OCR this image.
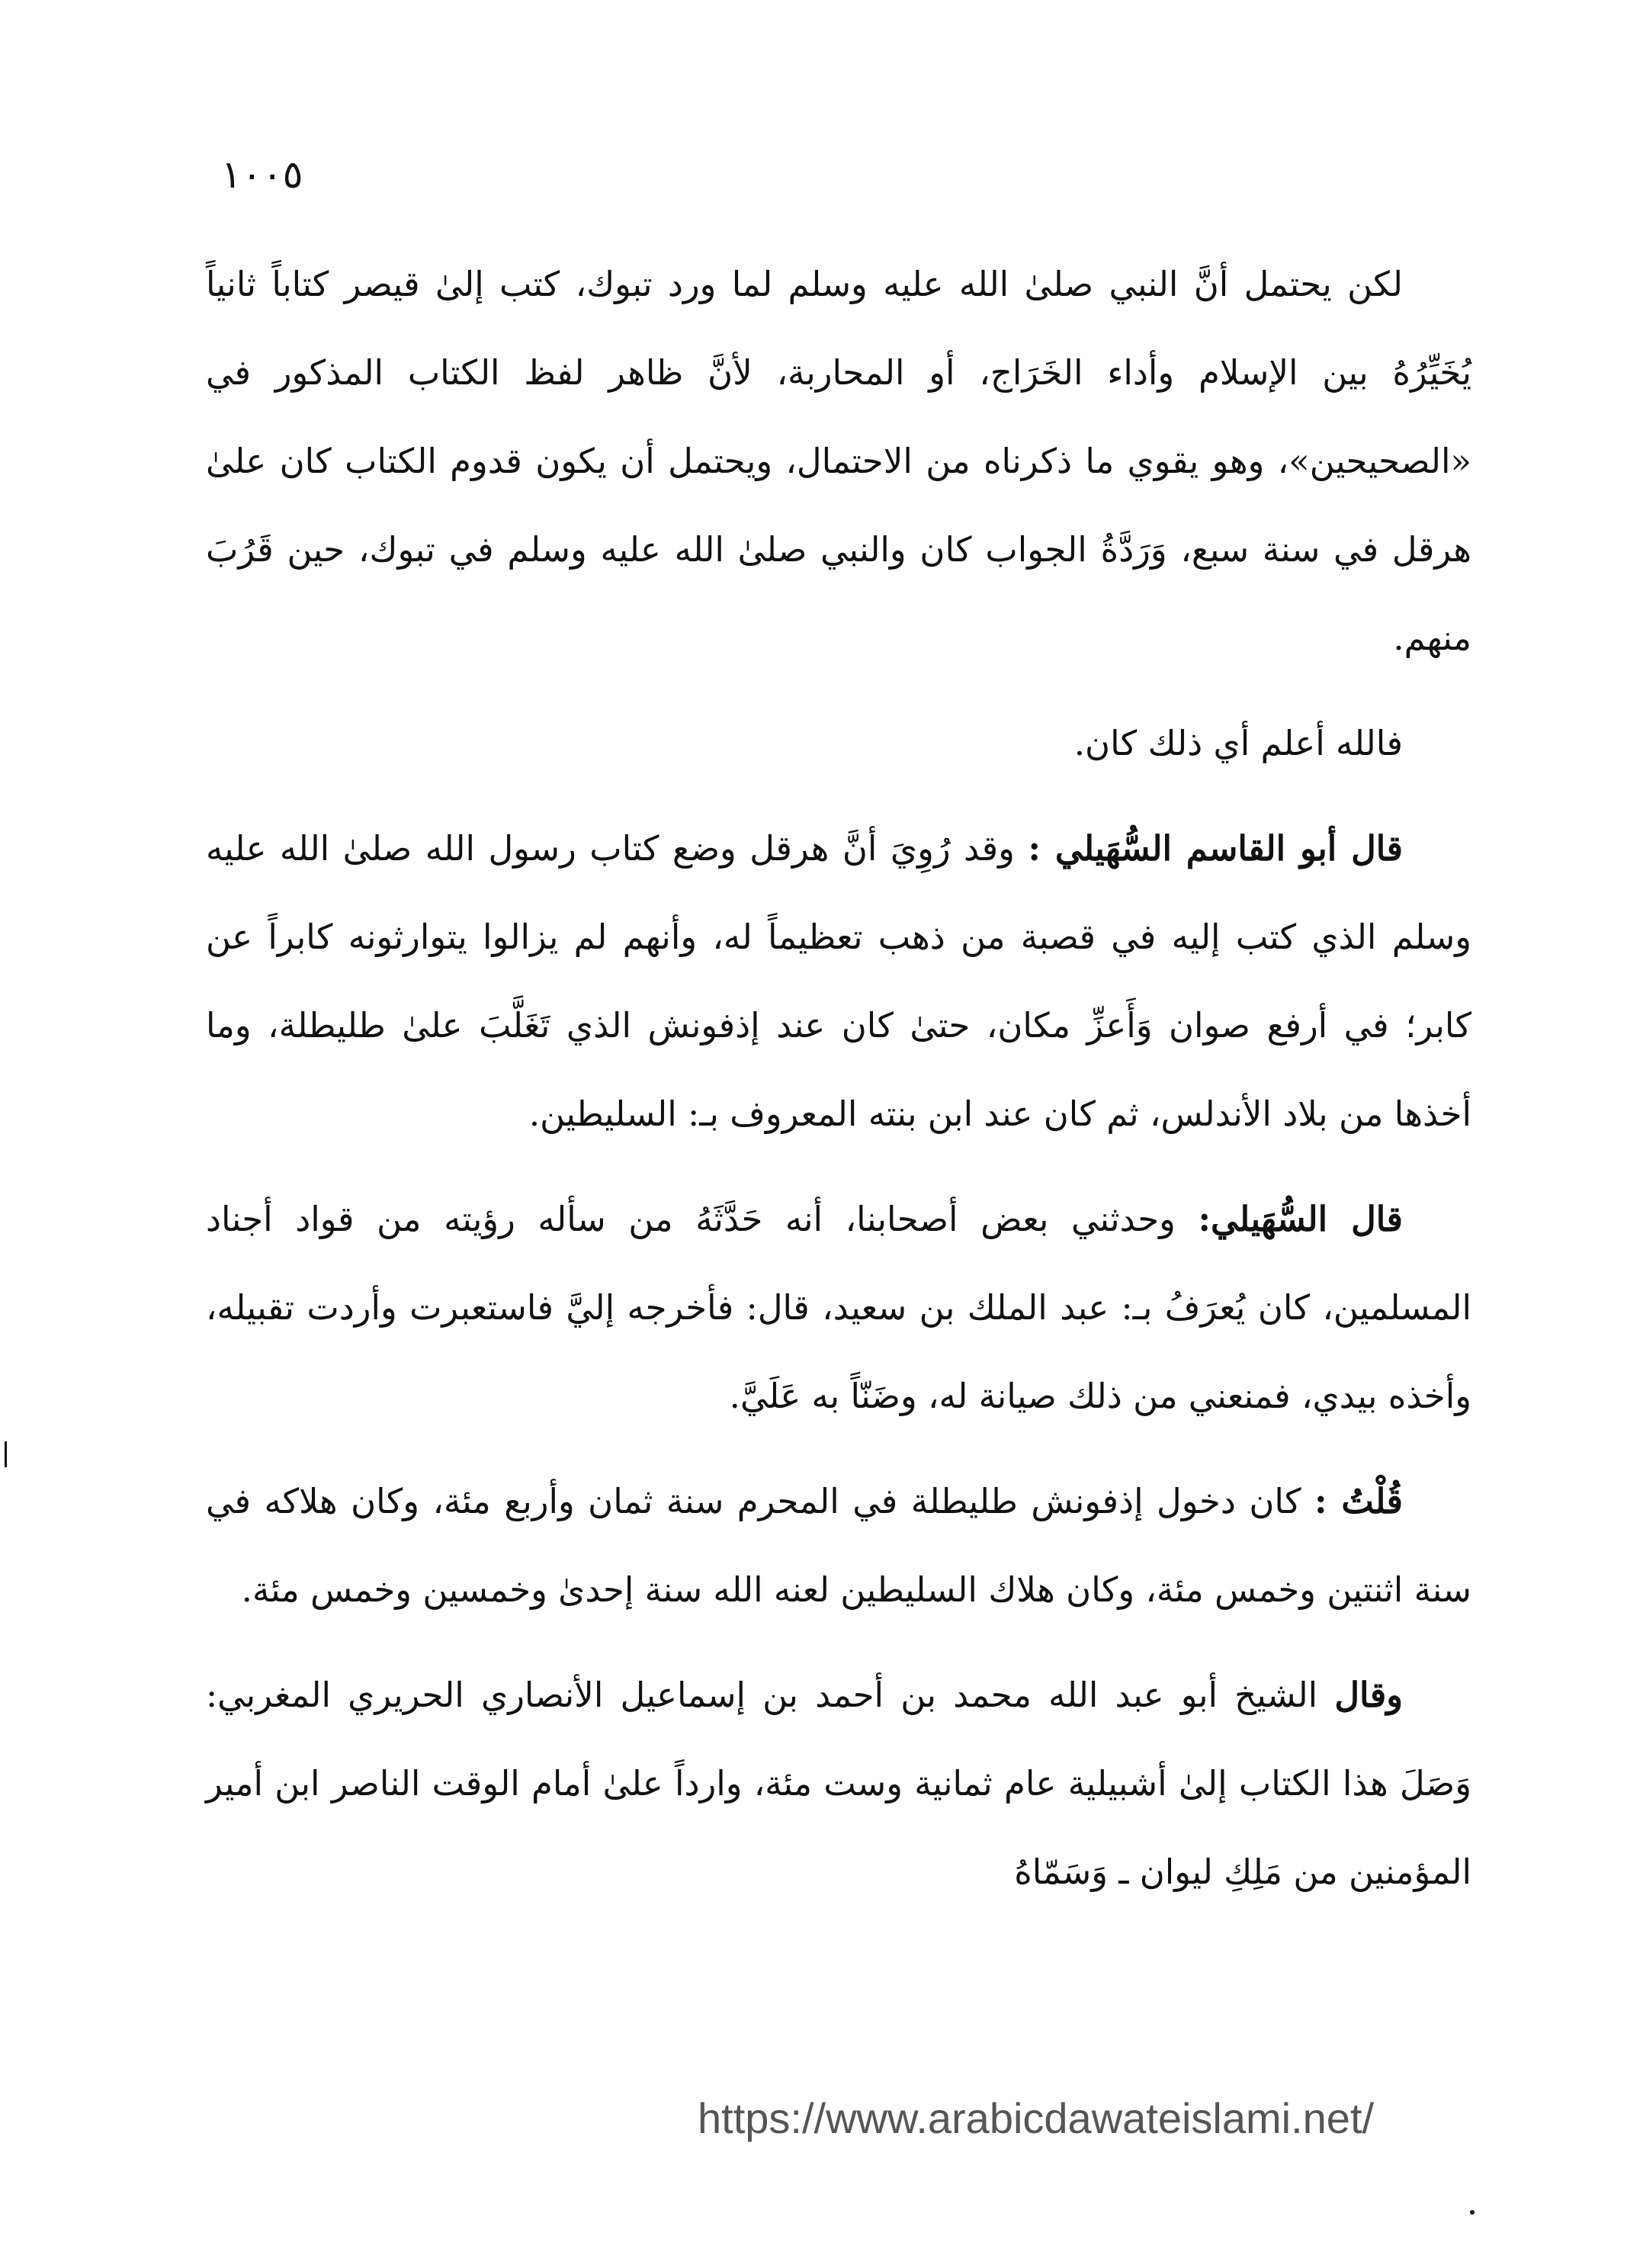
١٠٠٥

لكن يحتمل أنَّ النبي صلىٰ الله عليه وسلم لما ورد تبوك، كتب إلىٰ قيصر كتاباً ثانياً يُخَيِّرُهُ بين الإسلام وأداء الخَرَاج، أو المحاربة، لأنَّ ظاهر لفظ الكتاب المذكور في «الصحيحين»، وهو يقوي ما ذكرناه من الاحتمال، ويحتمل أن يكون قدوم الكتاب كان علىٰ هرقل في سنة سبع، وَرَدَّةُ الجواب كان والنبي صلىٰ الله عليه وسلم في تبوك، حين قَرُبَ منهم.

فالله أعلم أي ذلك كان.

قال أبو القاسم السُّهَيلي : وقد رُوِيَ أنَّ هرقل وضع كتاب رسول الله صلىٰ الله عليه وسلم الذي كتب إليه في قصبة من ذهب تعظيماً له، وأنهم لم يزالوا يتوارثونه كابراً عن كابر؛ في أرفع صوان وَأَعزِّ مكان، حتىٰ كان عند إذفونش الذي تَغَلَّبَ علىٰ طليطلة، وما أخذها من بلاد الأندلس، ثم كان عند ابن بنته المعروف بـ: السليطين.

قال السُّهَيلي: وحدثني بعض أصحابنا، أنه حَدَّثَهُ من سأله رؤيته من قواد أجناد المسلمين، كان يُعرَفُ بـ: عبد الملك بن سعيد، قال: فأخرجه إليَّ فاستعبرت وأردت تقبيله، وأخذه بيدي، فمنعني من ذلك صيانة له، وضَنّاً به عَلَيَّ.

قُلْتُ : كان دخول إذفونش طليطلة في المحرم سنة ثمان وأربع مئة، وكان هلاكه في سنة اثنتين وخمس مئة، وكان هلاك السليطين لعنه الله سنة إحدىٰ وخمسين وخمس مئة.

وقال الشيخ أبو عبد الله محمد بن أحمد بن إسماعيل الأنصاري الحريري المغربي: وَصَلَ هذا الكتاب إلىٰ أشبيلية عام ثمانية وست مئة، وارداً علىٰ أمام الوقت الناصر ابن أمير المؤمنين من مَلِكِ ليوان ـ وَسَمّاهُ

https://www.arabicdawateislami.net/
